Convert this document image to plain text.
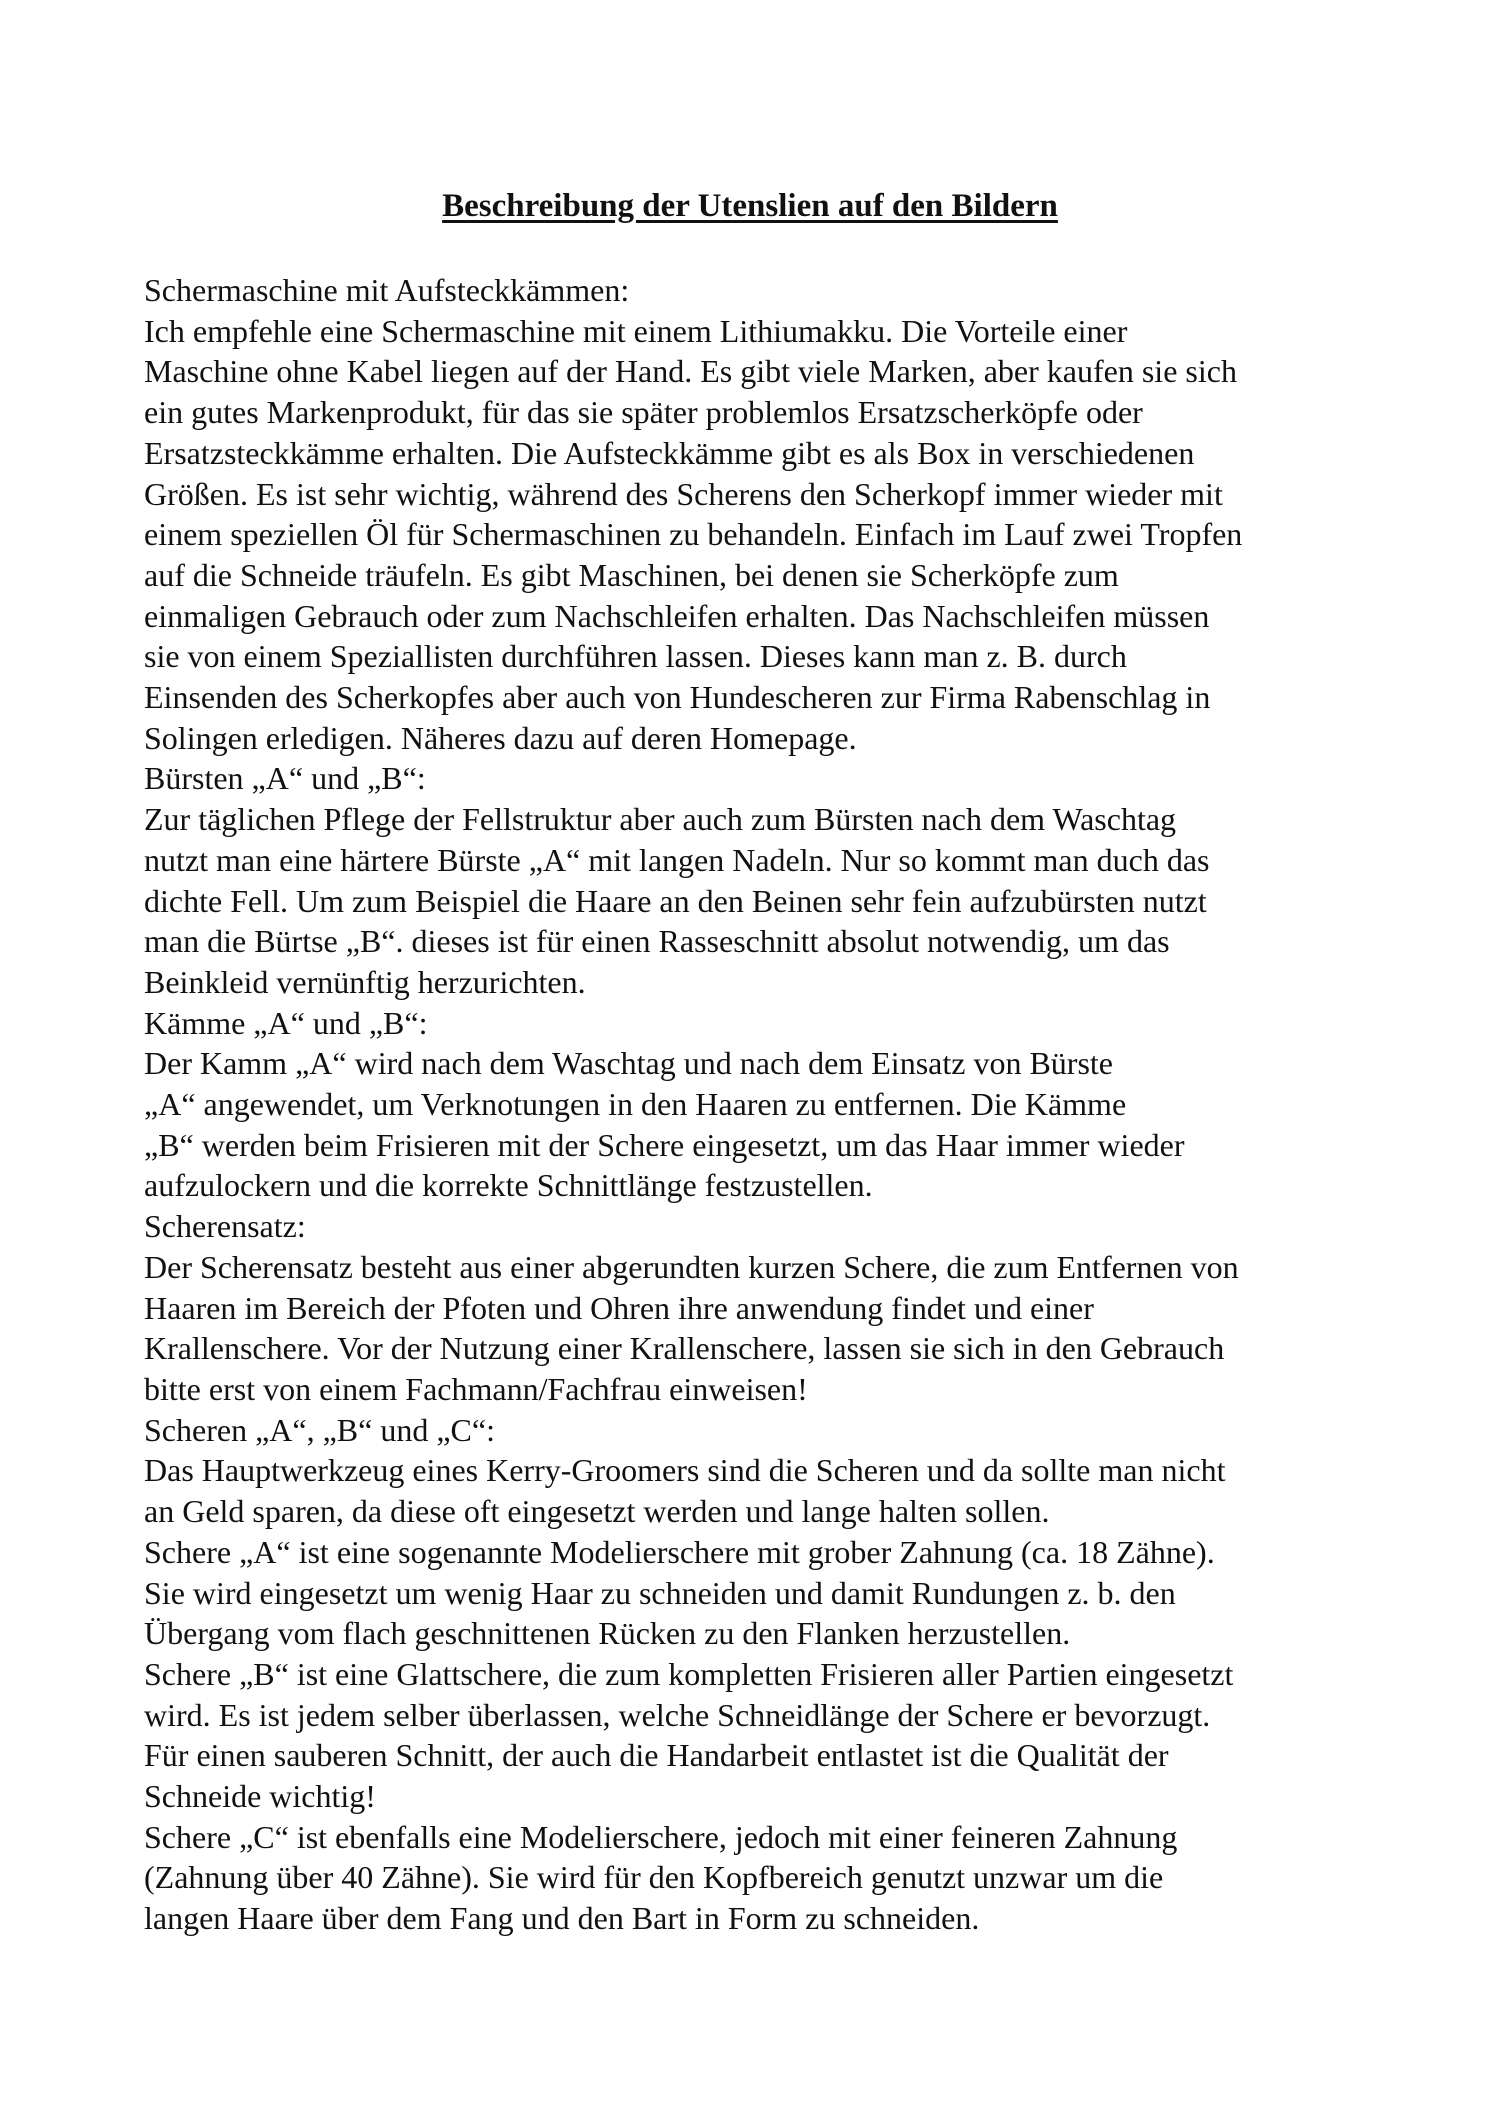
Beschreibung der Utenslien auf den Bildern
Schermaschine mit Aufsteckkämmen:
Ich empfehle eine Schermaschine mit einem Lithiumakku. Die Vorteile einer
Maschine ohne Kabel liegen auf der Hand. Es gibt viele Marken, aber kaufen sie sich
ein gutes Markenprodukt, für das sie später problemlos Ersatzscherköpfe oder
Ersatzsteckkämme erhalten. Die Aufsteckkämme gibt es als Box in verschiedenen
Größen. Es ist sehr wichtig, während des Scherens den Scherkopf immer wieder mit
einem speziellen Öl für Schermaschinen zu behandeln. Einfach im Lauf zwei Tropfen
auf die Schneide träufeln. Es gibt Maschinen, bei denen sie Scherköpfe zum
einmaligen Gebrauch oder zum Nachschleifen erhalten. Das Nachschleifen müssen
sie von einem Speziallisten durchführen lassen. Dieses kann man z. B. durch
Einsenden des Scherkopfes aber auch von Hundescheren zur Firma Rabenschlag in
Solingen erledigen. Näheres dazu auf deren Homepage.
Bürsten „A“ und „B“:
Zur täglichen Pflege der Fellstruktur aber auch zum Bürsten nach dem Waschtag
nutzt man eine härtere Bürste „A“ mit langen Nadeln. Nur so kommt man duch das
dichte Fell. Um zum Beispiel die Haare an den Beinen sehr fein aufzubürsten nutzt
man die Bürtse „B“. dieses ist für einen Rasseschnitt absolut notwendig, um das
Beinkleid vernünftig herzurichten.
Kämme „A“ und „B“:
Der Kamm „A“ wird nach dem Waschtag und nach dem Einsatz von Bürste
„A“ angewendet, um Verknotungen in den Haaren zu entfernen. Die Kämme
„B“ werden beim Frisieren mit der Schere eingesetzt, um das Haar immer wieder
aufzulockern und die korrekte Schnittlänge festzustellen.
Scherensatz:
Der Scherensatz besteht aus einer abgerundten kurzen Schere, die zum Entfernen von
Haaren im Bereich der Pfoten und Ohren ihre anwendung findet und einer
Krallenschere. Vor der Nutzung einer Krallenschere, lassen sie sich in den Gebrauch
bitte erst von einem Fachmann/Fachfrau einweisen!
Scheren „A“, „B“ und „C“:
Das Hauptwerkzeug eines Kerry-Groomers sind die Scheren und da sollte man nicht
an Geld sparen, da diese oft eingesetzt werden und lange halten sollen.
Schere „A“ ist eine sogenannte Modelierschere mit grober Zahnung (ca. 18 Zähne).
Sie wird eingesetzt um wenig Haar zu schneiden und damit Rundungen z. b. den
Übergang vom flach geschnittenen Rücken zu den Flanken herzustellen.
Schere „B“ ist eine Glattschere, die zum kompletten Frisieren aller Partien eingesetzt
wird. Es ist jedem selber überlassen, welche Schneidlänge der Schere er bevorzugt.
Für einen sauberen Schnitt, der auch die Handarbeit entlastet ist die Qualität der
Schneide wichtig!
Schere „C“ ist ebenfalls eine Modelierschere, jedoch mit einer feineren Zahnung
(Zahnung über 40 Zähne). Sie wird für den Kopfbereich genutzt unzwar um die
langen Haare über dem Fang und den Bart in Form zu schneiden.
